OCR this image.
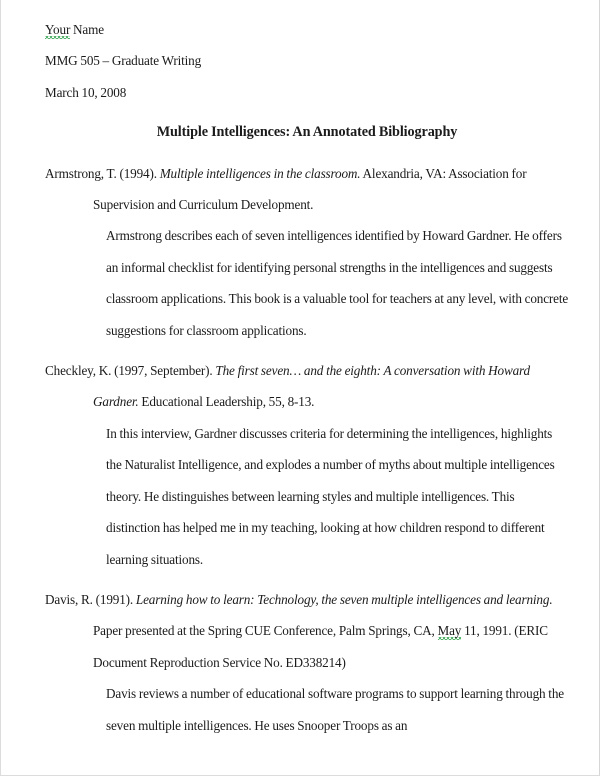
Your Name
MMG 505 – Graduate Writing
March 10, 2008
Multiple Intelligences: An Annotated Bibliography

Armstrong, T. (1994). Multiple intelligences in the classroom. Alexandria, VA: Association for Supervision and Curriculum Development.

Armstrong describes each of seven intelligences identified by Howard Gardner. He offers an informal checklist for identifying personal strengths in the intelligences and suggests classroom applications. This book is a valuable tool for teachers at any level, with concrete suggestions for classroom applications.

Checkley, K. (1997, September). The first seven… and the eighth: A conversation with Howard Gardner. Educational Leadership, 55, 8-13.

In this interview, Gardner discusses criteria for determining the intelligences, highlights the Naturalist Intelligence, and explodes a number of myths about multiple intelligences theory. He distinguishes between learning styles and multiple intelligences. This distinction has helped me in my teaching, looking at how children respond to different learning situations.

Davis, R. (1991). Learning how to learn: Technology, the seven multiple intelligences and learning. Paper presented at the Spring CUE Conference, Palm Springs, CA, May 11, 1991. (ERIC Document Reproduction Service No. ED338214)

Davis reviews a number of educational software programs to support learning through the seven multiple intelligences. He uses Snooper Troops as an
